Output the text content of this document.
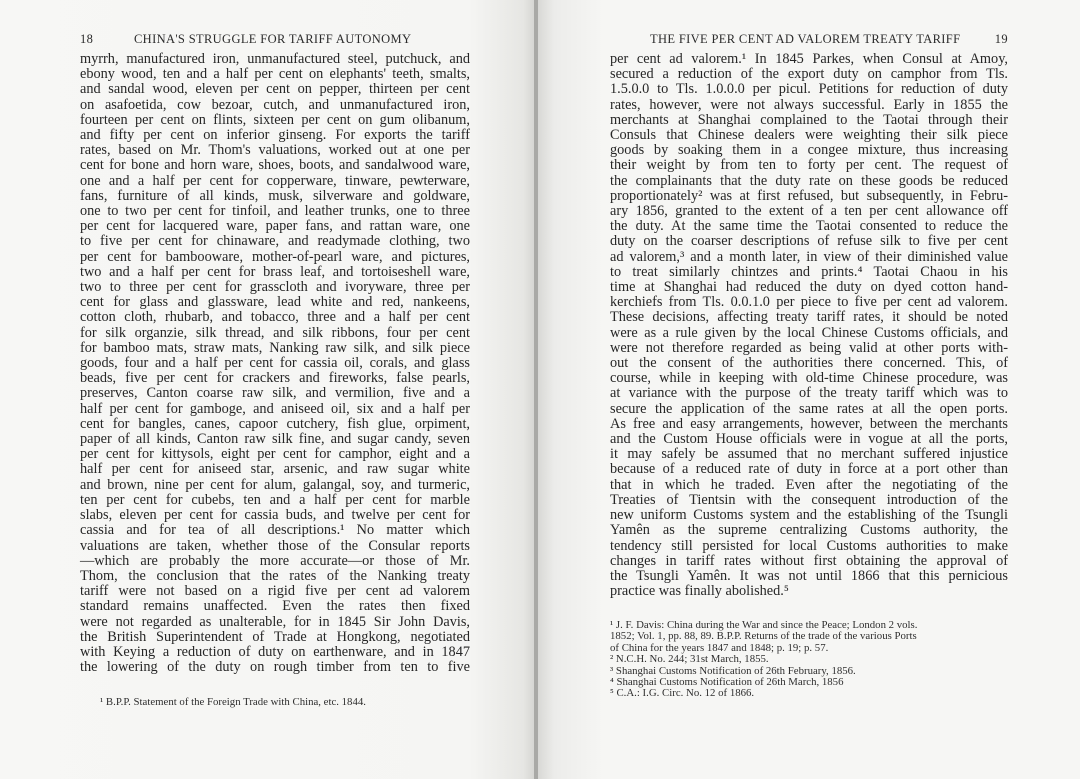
18	CHINA'S STRUGGLE FOR TARIFF AUTONOMY
myrrh, manufactured iron, unmanufactured steel, putchuck, and
ebony wood, ten and a half per cent on elephants' teeth, smalts,
and sandal wood, eleven per cent on pepper, thirteen per cent
on asafoetida, cow bezoar, cutch, and unmanufactured iron,
fourteen per cent on flints, sixteen per cent on gum olibanum,
and fifty per cent on inferior ginseng. For exports the tariff
rates, based on Mr. Thom's valuations, worked out at one per
cent for bone and horn ware, shoes, boots, and sandalwood ware,
one and a half per cent for copperware, tinware, pewterware,
fans, furniture of all kinds, musk, silverware and goldware,
one to two per cent for tinfoil, and leather trunks, one to three
per cent for lacquered ware, paper fans, and rattan ware, one
to five per cent for chinaware, and readymade clothing, two
per cent for bambooware, mother-of-pearl ware, and pictures,
two and a half per cent for brass leaf, and tortoiseshell ware,
two to three per cent for grasscloth and ivoryware, three per
cent for glass and glassware, lead white and red, nankeens,
cotton cloth, rhubarb, and tobacco, three and a half per cent
for silk organzie, silk thread, and silk ribbons, four per cent
for bamboo mats, straw mats, Nanking raw silk, and silk piece
goods, four and a half per cent for cassia oil, corals, and glass
beads, five per cent for crackers and fireworks, false pearls,
preserves, Canton coarse raw silk, and vermilion, five and a
half per cent for gamboge, and aniseed oil, six and a half per
cent for bangles, canes, capoor cutchery, fish glue, orpiment,
paper of all kinds, Canton raw silk fine, and sugar candy, seven
per cent for kittysols, eight per cent for camphor, eight and a
half per cent for aniseed star, arsenic, and raw sugar white
and brown, nine per cent for alum, galangal, soy, and turmeric,
ten per cent for cubebs, ten and a half per cent for marble
slabs, eleven per cent for cassia buds, and twelve per cent for
cassia and for tea of all descriptions.¹ No matter which
valuations are taken, whether those of the Consular reports
—which are probably the more accurate—or those of Mr.
Thom, the conclusion that the rates of the Nanking treaty
tariff were not based on a rigid five per cent ad valorem
standard remains unaffected. Even the rates then fixed
were not regarded as unalterable, for in 1845 Sir John Davis,
the British Superintendent of Trade at Hongkong, negotiated
with Keying a reduction of duty on earthenware, and in 1847
the lowering of the duty on rough timber from ten to five
¹ B.P.P. Statement of the Foreign Trade with China, etc. 1844.
THE FIVE PER CENT AD VALOREM TREATY TARIFF	19
per cent ad valorem.¹ In 1845 Parkes, when Consul at Amoy,
secured a reduction of the export duty on camphor from Tls.
1.5.0.0 to Tls. 1.0.0.0 per picul. Petitions for reduction of duty
rates, however, were not always successful. Early in 1855 the
merchants at Shanghai complained to the Taotai through their
Consuls that Chinese dealers were weighting their silk piece
goods by soaking them in a congee mixture, thus increasing
their weight by from ten to forty per cent. The request of
the complainants that the duty rate on these goods be reduced
proportionately² was at first refused, but subsequently, in Febru-
ary 1856, granted to the extent of a ten per cent allowance off
the duty. At the same time the Taotai consented to reduce the
duty on the coarser descriptions of refuse silk to five per cent
ad valorem,³ and a month later, in view of their diminished value
to treat similarly chintzes and prints.⁴ Taotai Chaou in his
time at Shanghai had reduced the duty on dyed cotton hand-
kerchiefs from Tls. 0.0.1.0 per piece to five per cent ad valorem.
These decisions, affecting treaty tariff rates, it should be noted
were as a rule given by the local Chinese Customs officials, and
were not therefore regarded as being valid at other ports with-
out the consent of the authorities there concerned. This, of
course, while in keeping with old-time Chinese procedure, was
at variance with the purpose of the treaty tariff which was to
secure the application of the same rates at all the open ports.
As free and easy arrangements, however, between the merchants
and the Custom House officials were in vogue at all the ports,
it may safely be assumed that no merchant suffered injustice
because of a reduced rate of duty in force at a port other than
that in which he traded. Even after the negotiating of the
Treaties of Tientsin with the consequent introduction of the
new uniform Customs system and the establishing of the Tsungli
Yamên as the supreme centralizing Customs authority, the
tendency still persisted for local Customs authorities to make
changes in tariff rates without first obtaining the approval of
the Tsungli Yamên. It was not until 1866 that this pernicious
practice was finally abolished.⁵
¹ J. F. Davis: China during the War and since the Peace; London 2 vols.
1852; Vol. 1, pp. 88, 89. B.P.P. Returns of the trade of the various Ports
of China for the years 1847 and 1848; p. 19; p. 57.
² N.C.H. No. 244; 31st March, 1855.
³ Shanghai Customs Notification of 26th February, 1856.
⁴ Shanghai Customs Notification of 26th March, 1856
⁵ C.A.: I.G. Circ. No. 12 of 1866.
